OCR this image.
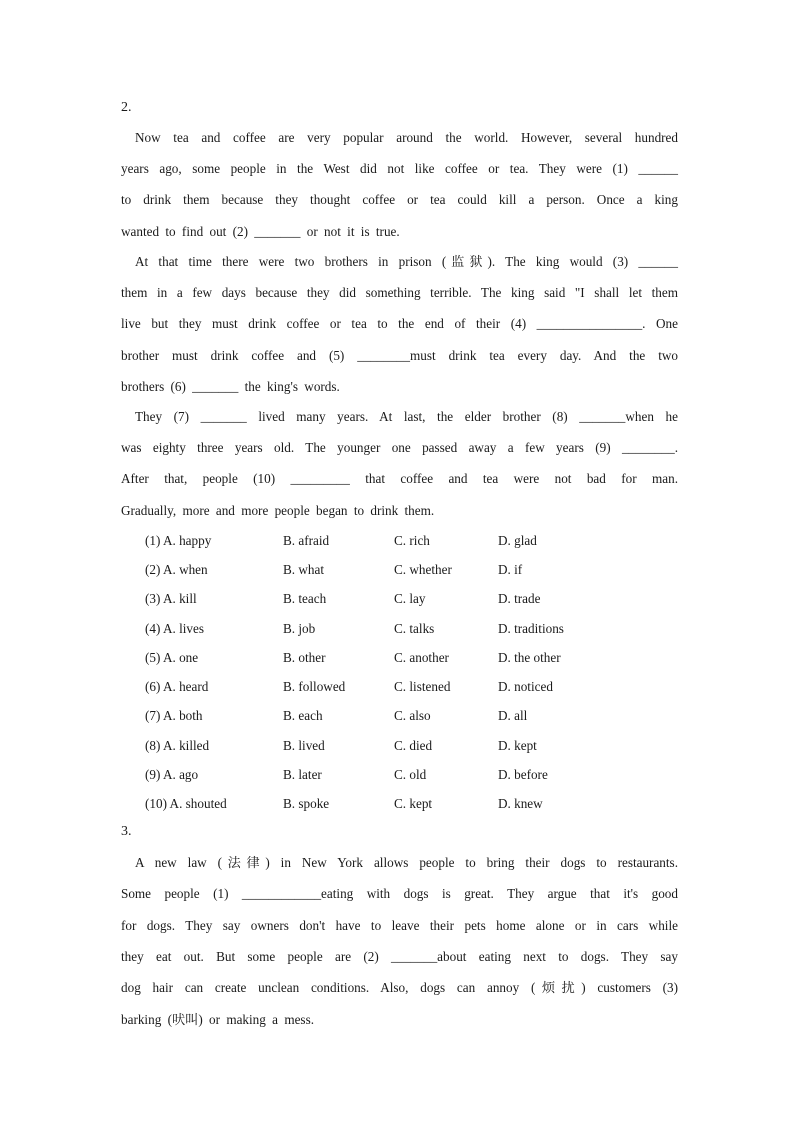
2.
Now tea and coffee are very popular around the world. However, several hundred
years ago, some people in the West did not like coffee or tea. They were (1) ______
to drink them because they thought coffee or tea could kill a person. Once a king
wanted to find out (2) _______ or not it is true.
At that time there were two brothers in prison (监狱). The king would (3) ______
them in a few days because they did something terrible. The king said "I shall let them
live but they must drink coffee or tea to the end of their (4) ________________. One
brother must drink coffee and (5) ________must drink tea every day. And the two
brothers (6) _______ the king's words.
They (7) _______ lived many years. At last, the elder brother (8) _______when he
was eighty three years old. The younger one passed away a few years (9) ________.
After that, people (10) _________ that coffee and tea were not bad for man.
Gradually, more and more people began to drink them.
(1) A. happy	B. afraid	C. rich	D. glad
(2) A. when	B. what	C. whether	D. if
(3) A. kill	B. teach	C. lay	D. trade
(4) A. lives	B. job	C. talks	D. traditions
(5) A. one	B. other	C. another	D. the other
(6) A. heard	B. followed	C. listened	D. noticed
(7) A. both	B. each	C. also	D. all
(8) A. killed	B. lived	C. died	D. kept
(9) A. ago	B. later	C. old	D. before
(10) A. shouted	B. spoke	C. kept	D. knew
3.
A new law (法律) in New York allows people to bring their dogs to restaurants.
Some people (1) ____________eating with dogs is great. They argue that it's good
for dogs. They say owners don't have to leave their pets home alone or in cars while
they eat out. But some people are (2) _______about eating next to dogs. They say
dog hair can create unclean conditions. Also, dogs can annoy (烦扰) customers (3)
barking (吠叫) or making a mess.
